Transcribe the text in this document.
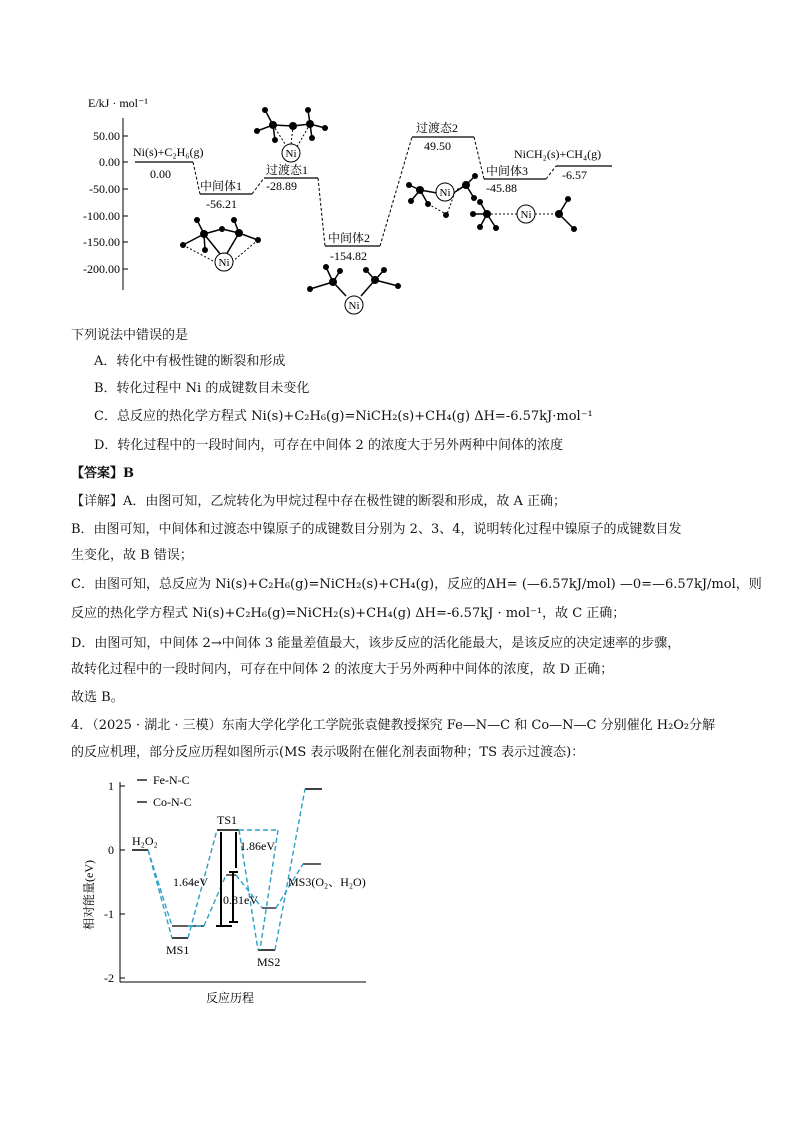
E/kJ · mol⁻¹
50.00
0.00
-50.00
-100.00
-150.00
-200.00
Ni(s)+C₂H₆(g)
0.00
中间体1
-56.21
过渡态1
-28.89
中间体2
-154.82
过渡态2
49.50
中间体3
-45.88
NiCH₂(s)+CH₄(g)
-6.57
Ni
Ni
Ni
Ni
Ni
下列说法中错误的是
A．转化中有极性键的断裂和形成
B．转化过程中 Ni 的成键数目未变化
C．总反应的热化学方程式 Ni(s)+C₂H₆(g)=NiCH₂(s)+CH₄(g) ΔH=-6.57kJ·mol⁻¹
D．转化过程中的一段时间内，可存在中间体 2 的浓度大于另外两种中间体的浓度
【答案】B
【详解】A．由图可知，乙烷转化为甲烷过程中存在极性键的断裂和形成，故 A 正确；
B．由图可知，中间体和过渡态中镍原子的成键数目分别为 2、3、4，说明转化过程中镍原子的成键数目发
生变化，故 B 错误；
C．由图可知，总反应为 Ni(s)+C₂H₆(g)=NiCH₂(s)+CH₄(g)，反应的ΔH= (—6.57kJ/mol) —0=—6.57kJ/mol，则
反应的热化学方程式 Ni(s)+C₂H₆(g)=NiCH₂(s)+CH₄(g) ΔH=-6.57kJ · mol⁻¹，故 C 正确；
D．由图可知，中间体 2→中间体 3 能量差值最大，该步反应的活化能最大，是该反应的决定速率的步骤，
故转化过程中的一段时间内，可存在中间体 2 的浓度大于另外两种中间体的浓度，故 D 正确；
故选 B。
4．（2025 · 湖北 · 三模）东南大学化学化工学院张袁健教授探究 Fe—N—C 和 Co—N—C 分别催化 H₂O₂分解
的反应机理，部分反应历程如图所示(MS 表示吸附在催化剂表面物种；TS 表示过渡态)：
1
0
-1
-2
相对能量(eV)
反应历程
Fe-N-C
Co-N-C
H₂O₂
TS1
MS1
MS2
MS3(O₂、H₂O)
1.64eV
0.81eV
1.86eV
